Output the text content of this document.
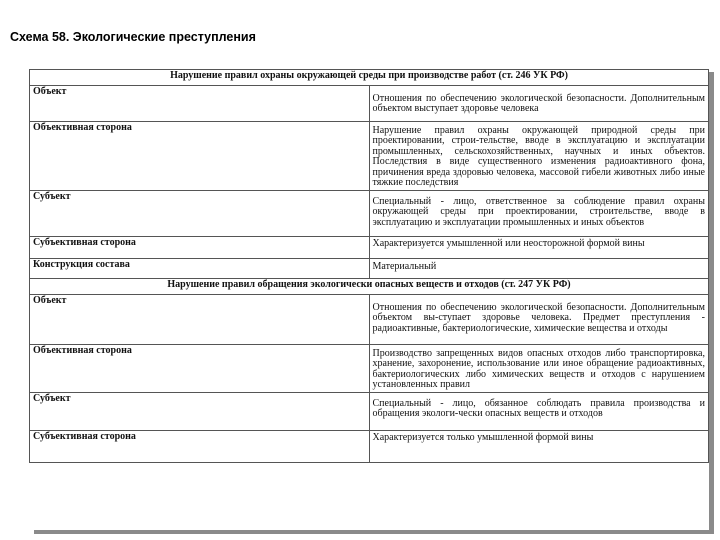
Схема 58. Экологические преступления
Нарушение правил охраны окружающей среды при производстве работ (ст. 246 УК РФ)	
Объект	Отношения по обеспечению экологической безопасности. Дополнительным объектом выступает здоровье человека
Объективная сторона	Нарушение правил охраны окружающей природной среды при проектировании, строи-тельстве, вводе в эксплуатацию и эксплуатации промышленных, сельскохозяйственных, научных и иных объектов. Последствия в виде существенного изменения радиоактивного фона, причинения вреда здоровью человека, массовой гибели животных либо иные тяжкие последствия
Субъект	Специальный - лицо, ответственное за соблюдение правил охраны окружающей среды при проектировании, строительстве, вводе в эксплуатацию и эксплуатации промышленных и иных объектов
Субъективная сторона	Характеризуется умышленной или неосторожной формой вины
Конструкция состава	Материальный
Нарушение правил обращения экологически опасных веществ и отходов (ст. 247 УК РФ)	
Объект	Отношения по обеспечению экологической безопасности. Дополнительным объектом вы-ступает здоровье человека. Предмет преступления - радиоактивные, бактериологические, химические вещества и отходы
Объективная сторона	Производство запрещенных видов опасных отходов либо транспортировка, хранение, захоронение, использование или иное обращение радиоактивных, бактериологических либо химических веществ и отходов с нарушением установленных правил
Субъект	Специальный - лицо, обязанное соблюдать правила производства и обращения экологи-чески опасных веществ и отходов
Субъективная сторона	Характеризуется только умышленной формой вины
